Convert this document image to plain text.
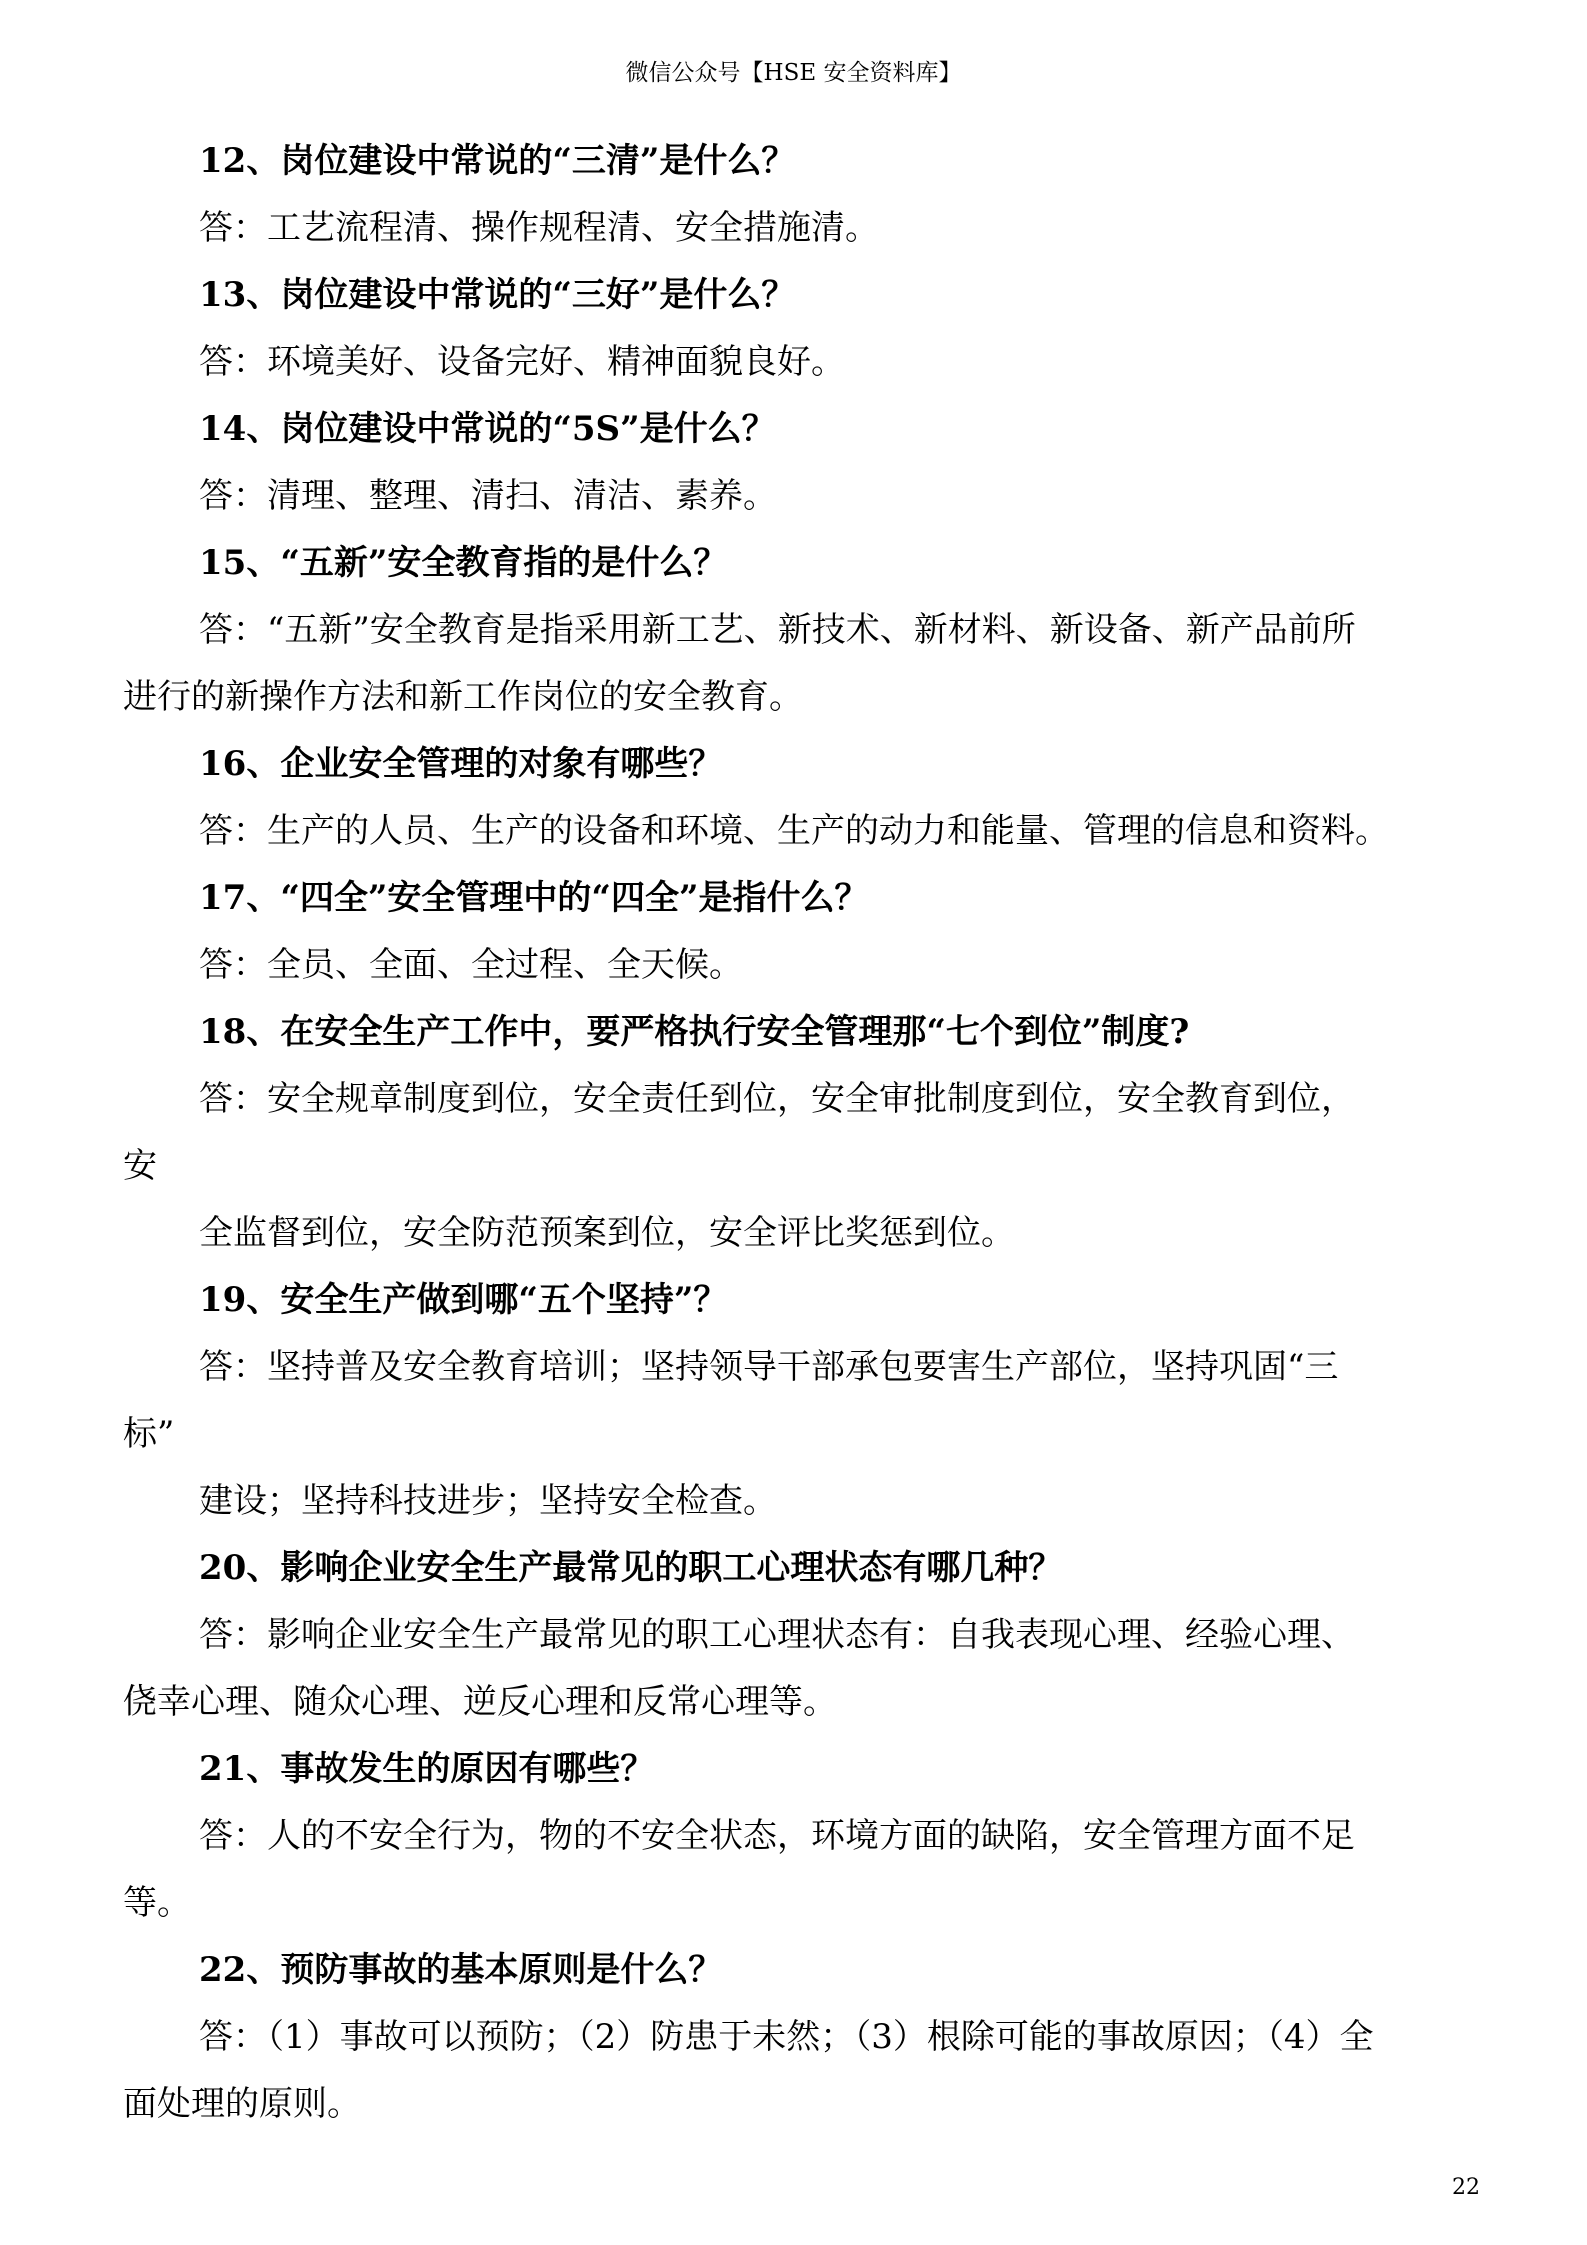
微信公众号【HSE 安全资料库】
12、岗位建设中常说的“三清”是什么？
答：工艺流程清、操作规程清、安全措施清。
13、岗位建设中常说的“三好”是什么？
答：环境美好、设备完好、精神面貌良好。
14、岗位建设中常说的“5S”是什么？
答：清理、整理、清扫、清洁、素养。
15、“五新”安全教育指的是什么？
答：“五新”安全教育是指采用新工艺、新技术、新材料、新设备、新产品前所
进行的新操作方法和新工作岗位的安全教育。
16、企业安全管理的对象有哪些？
答：生产的人员、生产的设备和环境、生产的动力和能量、管理的信息和资料。
17、“四全”安全管理中的“四全”是指什么？
答：全员、全面、全过程、全天候。
18、在安全生产工作中，要严格执行安全管理那“七个到位”制度?
答：安全规章制度到位，安全责任到位，安全审批制度到位，安全教育到位，
安
全监督到位，安全防范预案到位，安全评比奖惩到位。
19、安全生产做到哪“五个坚持”？
答：坚持普及安全教育培训；坚持领导干部承包要害生产部位，坚持巩固“三
标”
建设；坚持科技进步；坚持安全检查。
20、影响企业安全生产最常见的职工心理状态有哪几种？
答：影响企业安全生产最常见的职工心理状态有：自我表现心理、经验心理、
侥幸心理、随众心理、逆反心理和反常心理等。
21、事故发生的原因有哪些？
答：人的不安全行为，物的不安全状态，环境方面的缺陷，安全管理方面不足
等。
22、预防事故的基本原则是什么？
答：（1）事故可以预防；（2）防患于未然；（3）根除可能的事故原因；（4）全
面处理的原则。
22
